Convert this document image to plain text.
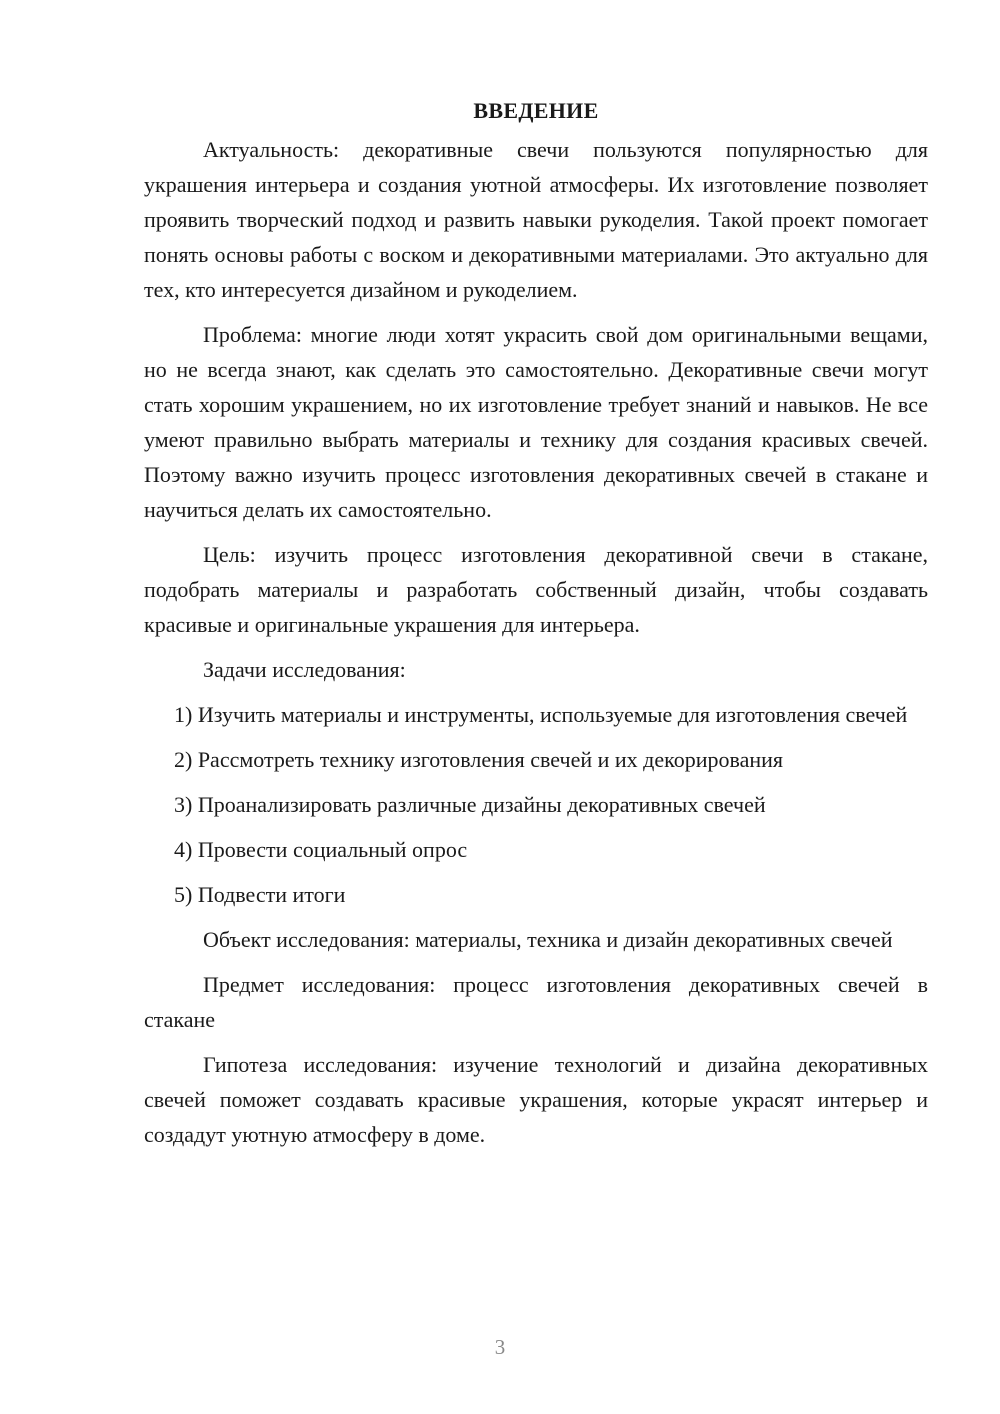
ВВЕДЕНИЕ

Актуальность: декоративные свечи пользуются популярностью для украшения интерьера и создания уютной атмосферы. Их изготовление позволяет проявить творческий подход и развить навыки рукоделия. Такой проект помогает понять основы работы с воском и декоративными материалами. Это актуально для тех, кто интересуется дизайном и рукоделием.

Проблема: многие люди хотят украсить свой дом оригинальными вещами, но не всегда знают, как сделать это самостоятельно. Декоративные свечи могут стать хорошим украшением, но их изготовление требует знаний и навыков. Не все умеют правильно выбрать материалы и технику для создания красивых свечей. Поэтому важно изучить процесс изготовления декоративных свечей в стакане и научиться делать их самостоятельно.

Цель: изучить процесс изготовления декоративной свечи в стакане, подобрать материалы и разработать собственный дизайн, чтобы создавать красивые и оригинальные украшения для интерьера.

Задачи исследования:

1) Изучить материалы и инструменты, используемые для изготовления свечей

2) Рассмотреть технику изготовления свечей и их декорирования

3) Проанализировать различные дизайны декоративных свечей

4) Провести социальный опрос

5) Подвести итоги

Объект исследования: материалы, техника и дизайн декоративных свечей

Предмет исследования: процесс изготовления декоративных свечей в стакане

Гипотеза исследования: изучение технологий и дизайна декоративных свечей поможет создавать красивые украшения, которые украсят интерьер и создадут уютную атмосферу в доме.

3
